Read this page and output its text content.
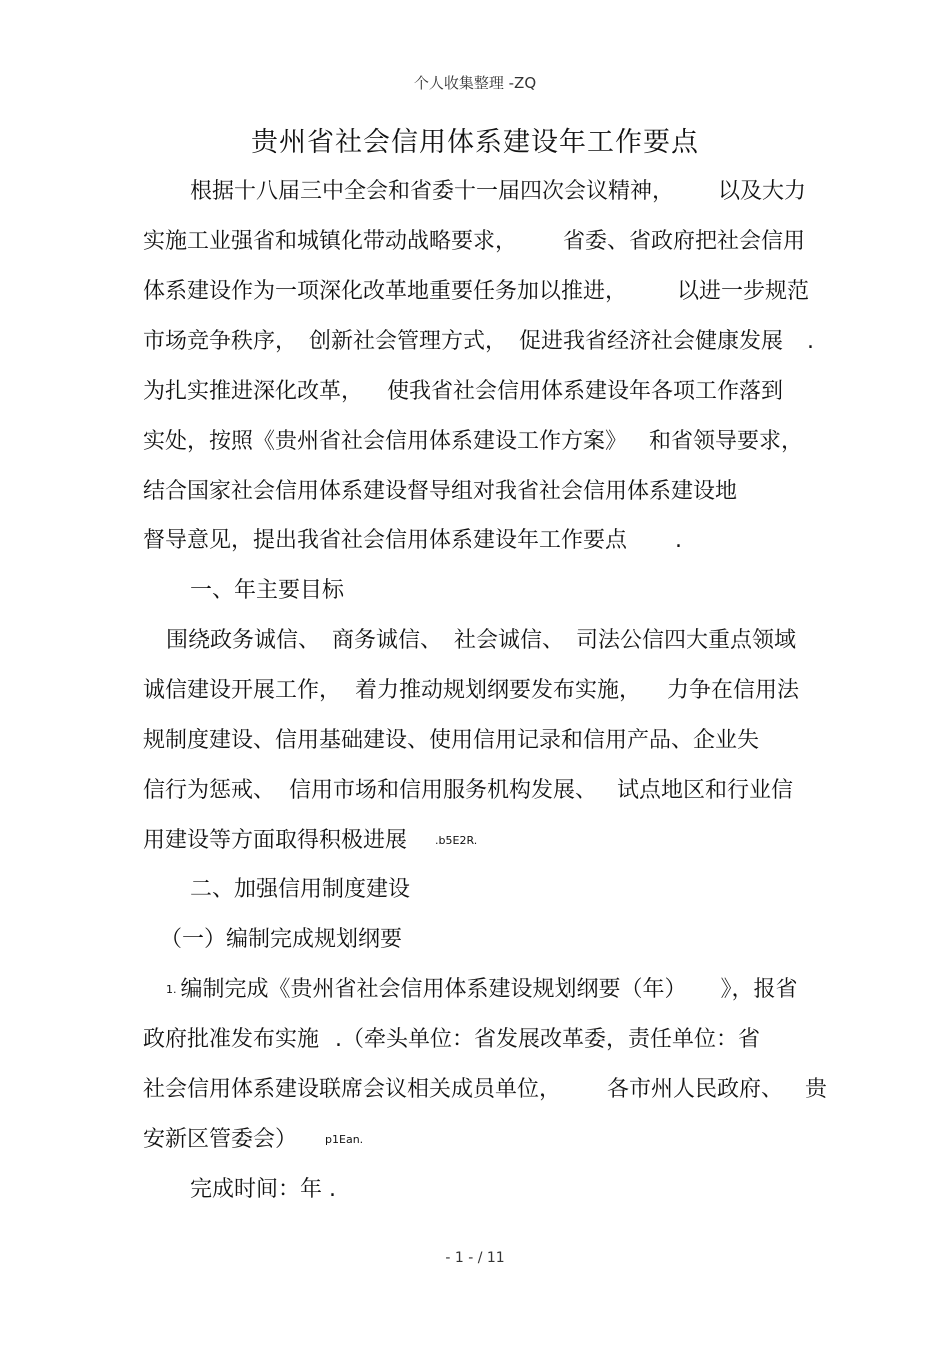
个人收集整理 -ZQ
贵州省社会信用体系建设年工作要点
根据十八届三中全会和省委十一届四次会议精神， 以及大力
实施工业强省和城镇化带动战略要求， 省委、省政府把社会信用
体系建设作为一项深化改革地重要任务加以推进， 以进一步规范
市场竞争秩序， 创新社会管理方式， 促进我省经济社会健康发展 .
为扎实推进深化改革， 使我省社会信用体系建设年各项工作落到
实处，按照《贵州省社会信用体系建设工作方案》 和省领导要求，
结合国家社会信用体系建设督导组对我省社会信用体系建设地
督导意见，提出我省社会信用体系建设年工作要点 .
一、年主要目标
围绕政务诚信、 商务诚信、 社会诚信、 司法公信四大重点领域
诚信建设开展工作， 着力推动规划纲要发布实施， 力争在信用法
规制度建设、信用基础建设、使用信用记录和信用产品、企业失
信行为惩戒、 信用市场和信用服务机构发展、 试点地区和行业信
用建设等方面取得积极进展	.b5E2R.
二、加强信用制度建设
（一）编制完成规划纲要
1. 编制完成《贵州省社会信用体系建设规划纲要（年） 》，报省
政府批准发布实施 .（牵头单位：省发展改革委，责任单位：省
社会信用体系建设联席会议相关成员单位， 各市州人民政府、 贵
安新区管委会）	p1Ean.
完成时间：年 .
- 1 - / 11
